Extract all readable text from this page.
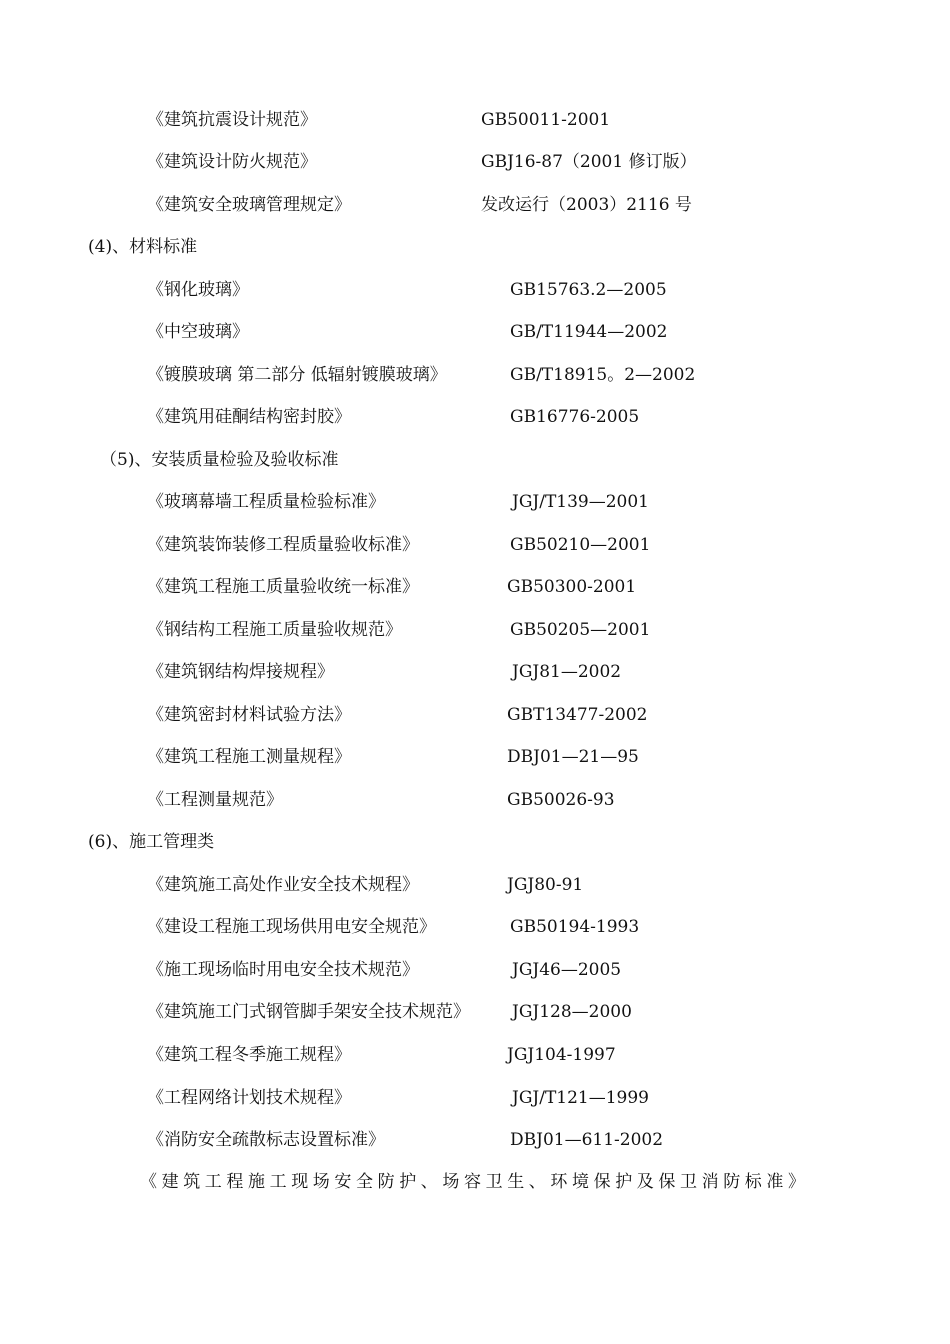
《建筑抗震设计规范》	GB50011-2001
《建筑设计防火规范》	GBJ16-87（2001 修订版）
《建筑安全玻璃管理规定》	发改运行（2003）2116 号
(4)、材料标准
《钢化玻璃》	GB15763.2—2005
《中空玻璃》	GB/T11944—2002
《镀膜玻璃 第二部分 低辐射镀膜玻璃》	GB/T18915。2—2002
《建筑用硅酮结构密封胶》	GB16776-2005
（5)、安装质量检验及验收标准
《玻璃幕墙工程质量检验标准》	JGJ/T139—2001
《建筑装饰装修工程质量验收标准》	GB50210—2001
《建筑工程施工质量验收统一标准》	GB50300-2001
《钢结构工程施工质量验收规范》	GB50205—2001
《建筑钢结构焊接规程》	JGJ81—2002
《建筑密封材料试验方法》	GBT13477-2002
《建筑工程施工测量规程》	DBJ01—21—95
《工程测量规范》	GB50026-93
(6)、施工管理类
《建筑施工高处作业安全技术规程》	JGJ80-91
《建设工程施工现场供用电安全规范》	GB50194-1993
《施工现场临时用电安全技术规范》	JGJ46—2005
《建筑施工门式钢管脚手架安全技术规范》 JGJ128—2000
《建筑工程冬季施工规程》	JGJ104-1997
《工程网络计划技术规程》	JGJ/T121—1999
《消防安全疏散标志设置标准》	DBJ01—611-2002
《建筑工程施工现场安全防护、场容卫生、环境保护及保卫消防标准》
